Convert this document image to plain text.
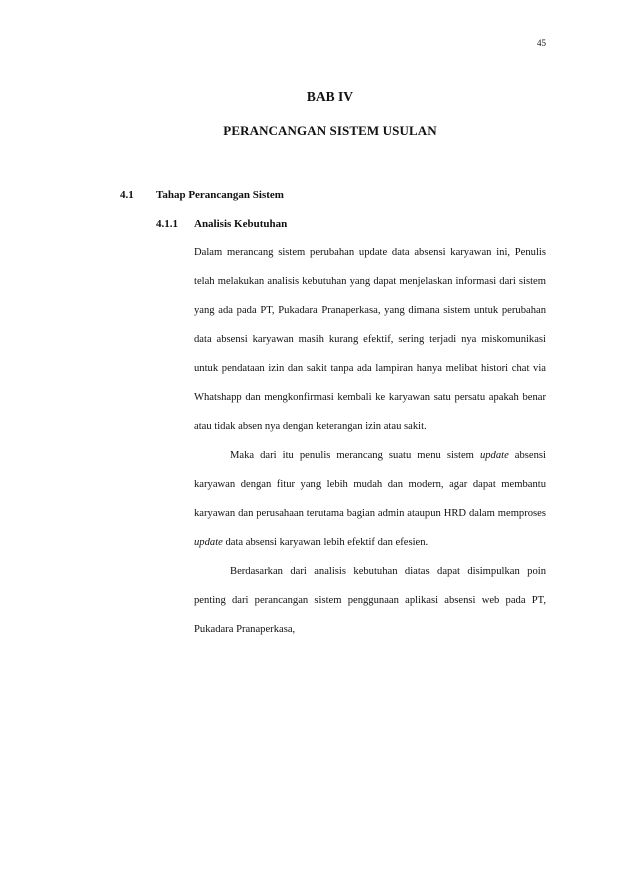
45
BAB IV
PERANCANGAN SISTEM USULAN
4.1 Tahap Perancangan Sistem
4.1.1 Analisis Kebutuhan

Dalam merancang sistem perubahan update data absensi karyawan ini, Penulis telah melakukan analisis kebutuhan yang dapat menjelaskan informasi dari sistem yang ada pada PT, Pukadara Pranaperkasa, yang dimana sistem untuk perubahan data absensi karyawan masih kurang efektif, sering terjadi nya miskomunikasi untuk pendataan izin dan sakit tanpa ada lampiran hanya melibat histori chat via Whatshapp dan mengkonfirmasi kembali ke karyawan satu persatu apakah benar atau tidak absen nya dengan keterangan izin atau sakit.

Maka dari itu penulis merancang suatu menu sistem update absensi karyawan dengan fitur yang lebih mudah dan modern, agar dapat membantu karyawan dan perusahaan terutama bagian admin ataupun HRD dalam memproses update data absensi karyawan lebih efektif dan efesien.

Berdasarkan dari analisis kebutuhan diatas dapat disimpulkan poin penting dari perancangan sistem penggunaan aplikasi absensi web pada PT, Pukadara Pranaperkasa,
